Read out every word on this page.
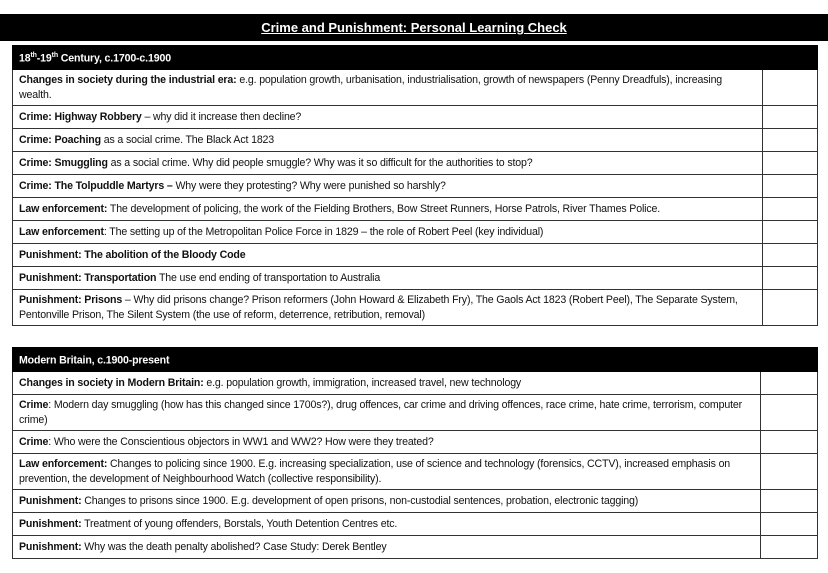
Crime and Punishment: Personal Learning Check
18th-19th Century, c.1700-c.1900	
Changes in society during the industrial era: e.g. population growth, urbanisation, industrialisation, growth of newspapers (Penny Dreadfuls), increasing wealth.	
Crime: Highway Robbery – why did it increase then decline?	
Crime: Poaching as a social crime. The Black Act 1823	
Crime: Smuggling as a social crime. Why did people smuggle? Why was it so difficult for the authorities to stop?	
Crime: The Tolpuddle Martyrs – Why were they protesting? Why were punished so harshly?	
Law enforcement: The development of policing, the work of the Fielding Brothers, Bow Street Runners, Horse Patrols, River Thames Police.	
Law enforcement: The setting up of the Metropolitan Police Force in 1829 – the role of Robert Peel (key individual)	
Punishment: The abolition of the Bloody Code	
Punishment: Transportation The use end ending of transportation to Australia	
Punishment: Prisons – Why did prisons change? Prison reformers (John Howard & Elizabeth Fry), The Gaols Act 1823 (Robert Peel), The Separate System, Pentonville Prison, The Silent System (the use of reform, deterrence, retribution, removal)	
Modern Britain, c.1900-present	
Changes in society in Modern Britain: e.g. population growth, immigration, increased travel, new technology	
Crime: Modern day smuggling (how has this changed since 1700s?), drug offences, car crime and driving offences, race crime, hate crime, terrorism, computer crime)	
Crime: Who were the Conscientious objectors in WW1 and WW2? How were they treated?	
Law enforcement: Changes to policing since 1900. E.g. increasing specialization, use of science and technology (forensics, CCTV), increased emphasis on prevention, the development of Neighbourhood Watch (collective responsibility).	
Punishment: Changes to prisons since 1900. E.g. development of open prisons, non-custodial sentences, probation, electronic tagging)	
Punishment: Treatment of young offenders, Borstals, Youth Detention Centres etc.	
Punishment: Why was the death penalty abolished? Case Study: Derek Bentley	
